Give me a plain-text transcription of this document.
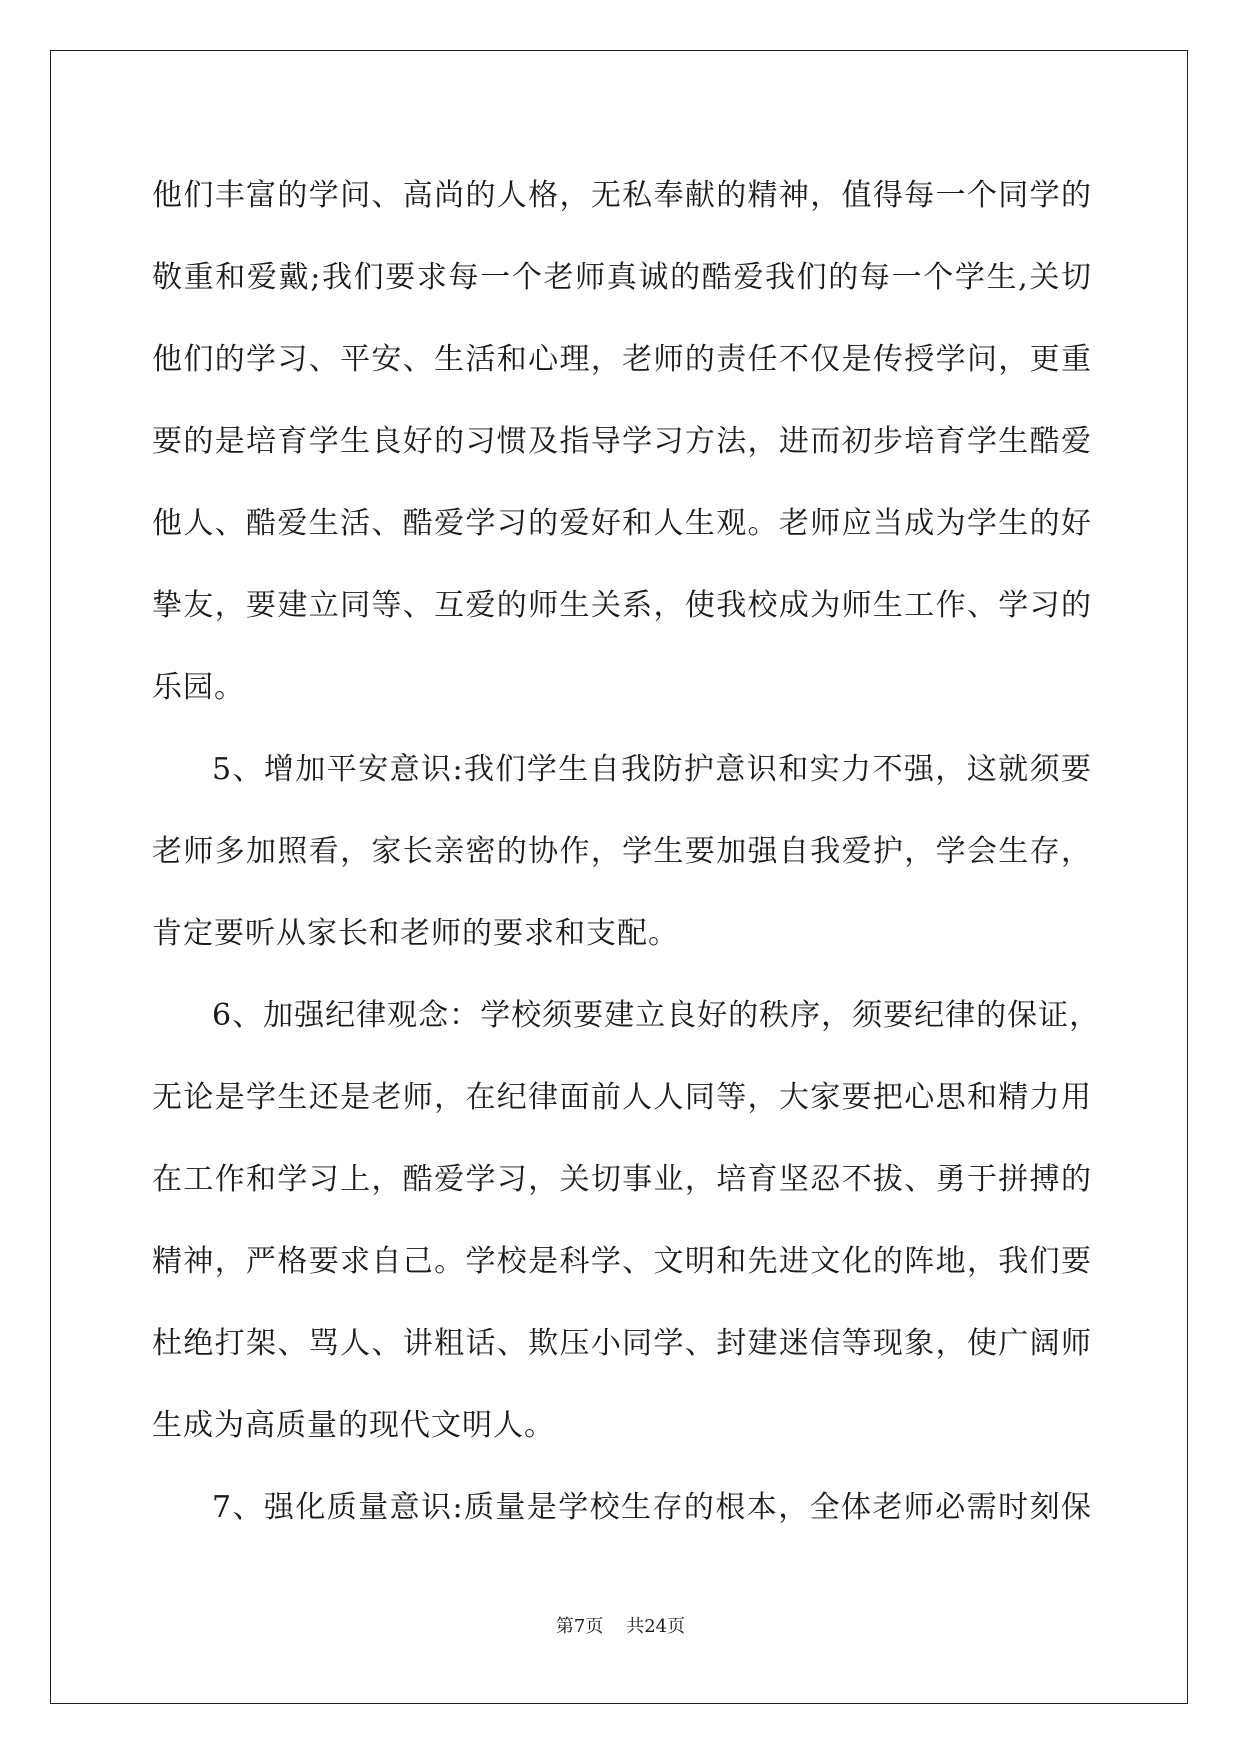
他们丰富的学问、高尚的人格，无私奉献的精神，值得每一个同学的
敬重和爱戴;我们要求每一个老师真诚的酷爱我们的每一个学生,关切
他们的学习、平安、生活和心理，老师的责任不仅是传授学问，更重
要的是培育学生良好的习惯及指导学习方法，进而初步培育学生酷爱
他人、酷爱生活、酷爱学习的爱好和人生观。老师应当成为学生的好
挚友，要建立同等、互爱的师生关系，使我校成为师生工作、学习的
乐园。
5、增加平安意识:我们学生自我防护意识和实力不强，这就须要
老师多加照看，家长亲密的协作，学生要加强自我爱护，学会生存，
肯定要听从家长和老师的要求和支配。
6、加强纪律观念：学校须要建立良好的秩序，须要纪律的保证，
无论是学生还是老师，在纪律面前人人同等，大家要把心思和精力用
在工作和学习上，酷爱学习，关切事业，培育坚忍不拔、勇于拼搏的
精神，严格要求自己。学校是科学、文明和先进文化的阵地，我们要
杜绝打架、骂人、讲粗话、欺压小同学、封建迷信等现象，使广阔师
生成为高质量的现代文明人。
7、强化质量意识:质量是学校生存的根本，全体老师必需时刻保
第7页 共24页
